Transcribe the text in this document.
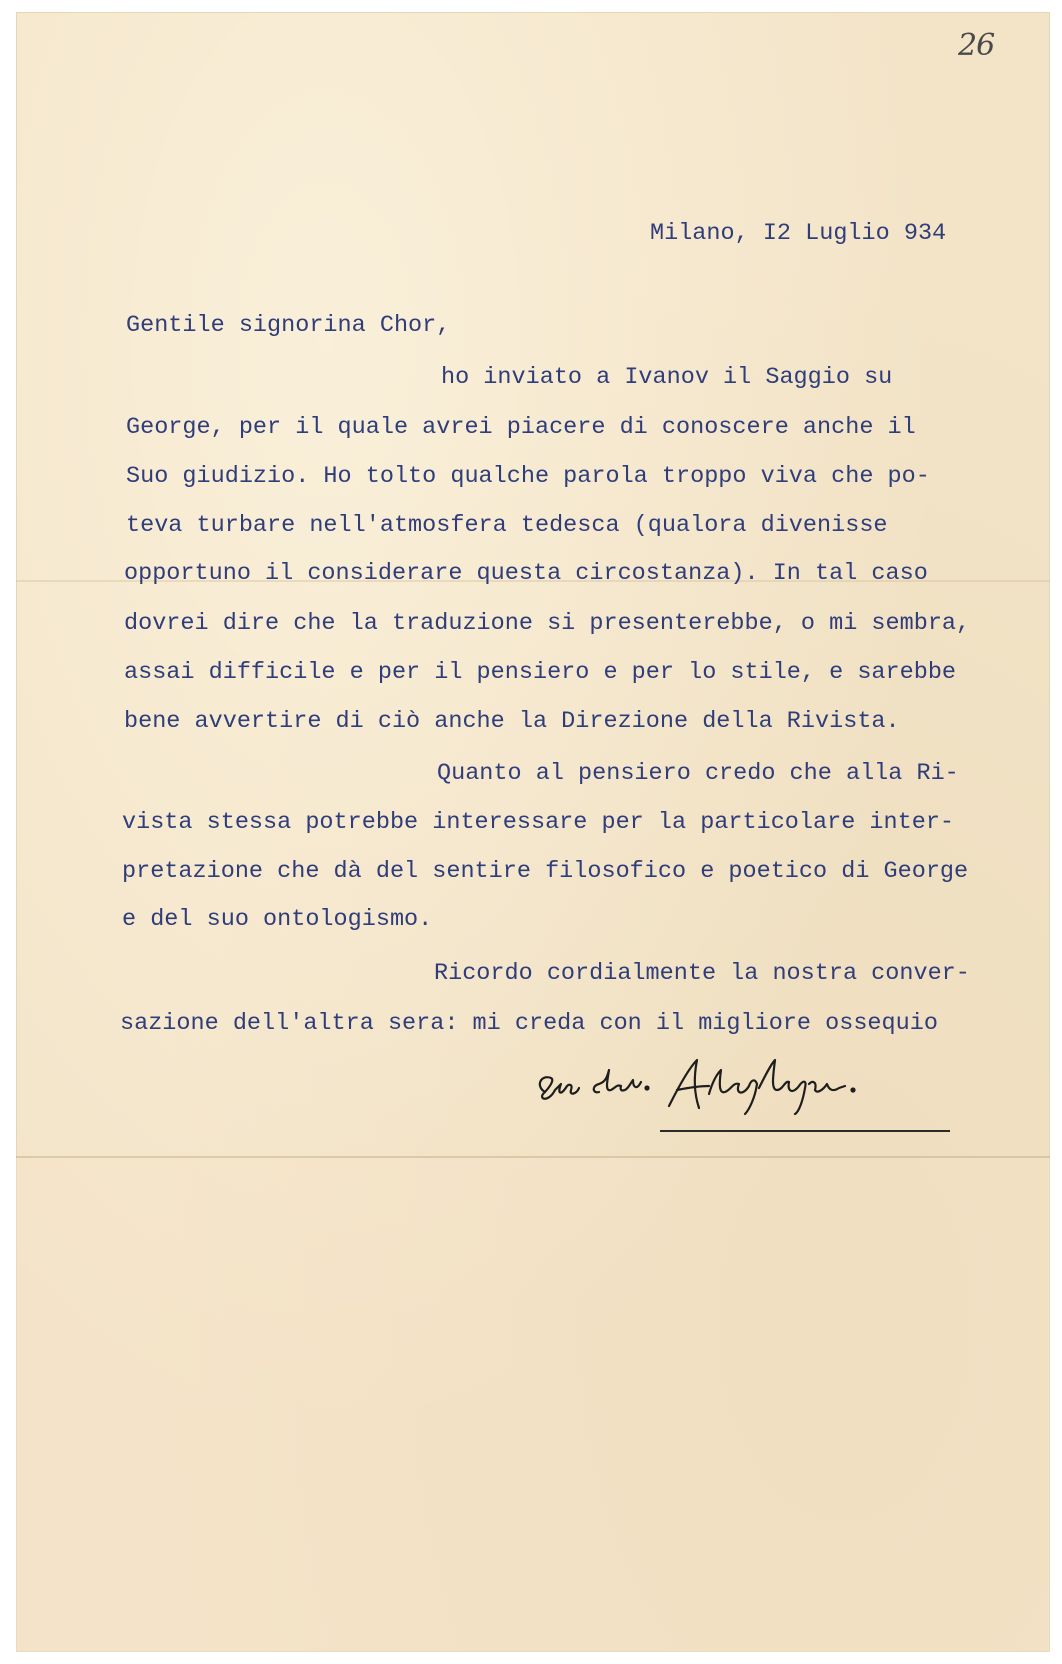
26
Milano, I2 Luglio 934
Gentile signorina Chor,
ho inviato a Ivanov il Saggio su
George, per il quale avrei piacere di conoscere anche il
Suo giudizio. Ho tolto qualche parola troppo viva che po-
teva turbare nell'atmosfera tedesca (qualora divenisse
opportuno il considerare questa circostanza). In tal caso
dovrei dire che la traduzione si presenterebbe, o mi sembra,
assai difficile e per il pensiero e per lo stile, e sarebbe
bene avvertire di ciò anche la Direzione della Rivista.
Quanto al pensiero credo che alla Ri-
vista stessa potrebbe interessare per la particolare inter-
pretazione che dà del sentire filosofico e poetico di George
e del suo ontologismo.
Ricordo cordialmente la nostra conver-
sazione dell'altra sera: mi creda con il migliore ossequio
